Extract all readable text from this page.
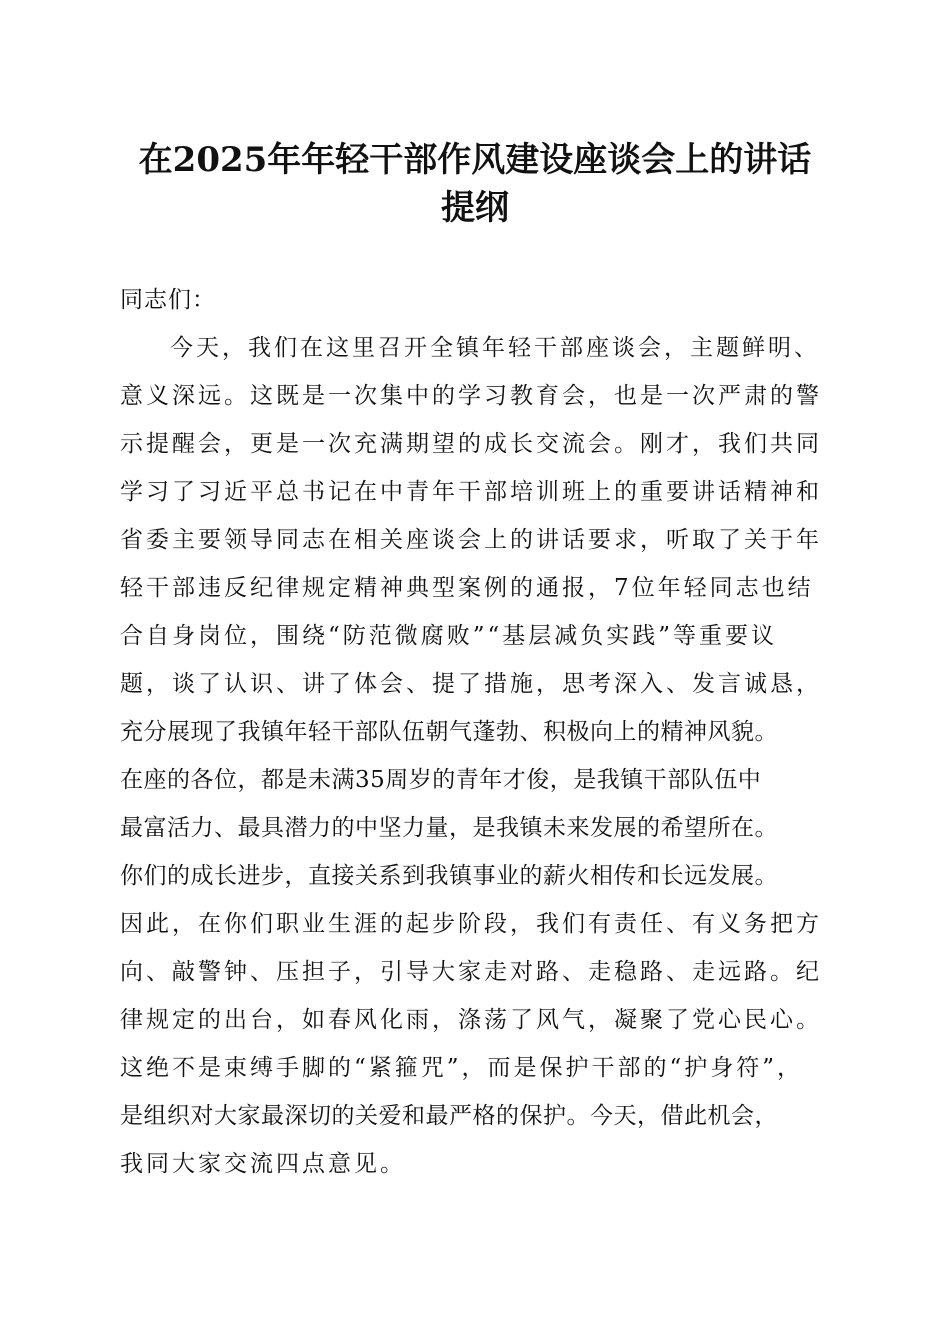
在2025年年轻干部作风建设座谈会上的讲话
提纲
同志们：
今天，我们在这里召开全镇年轻干部座谈会，主题鲜明、
意义深远。这既是一次集中的学习教育会，也是一次严肃的警
示提醒会，更是一次充满期望的成长交流会。刚才，我们共同
学习了习近平总书记在中青年干部培训班上的重要讲话精神和
省委主要领导同志在相关座谈会上的讲话要求，听取了关于年
轻干部违反纪律规定精神典型案例的通报，7位年轻同志也结
合自身岗位，围绕“防范微腐败”“基层减负实践”等重要议
题，谈了认识、讲了体会、提了措施，思考深入、发言诚恳，
充分展现了我镇年轻干部队伍朝气蓬勃、积极向上的精神风貌。
在座的各位，都是未满35周岁的青年才俊，是我镇干部队伍中
最富活力、最具潜力的中坚力量，是我镇未来发展的希望所在。
你们的成长进步，直接关系到我镇事业的薪火相传和长远发展。
因此，在你们职业生涯的起步阶段，我们有责任、有义务把方
向、敲警钟、压担子，引导大家走对路、走稳路、走远路。纪
律规定的出台，如春风化雨，涤荡了风气，凝聚了党心民心。
这绝不是束缚手脚的“紧箍咒”，而是保护干部的“护身符”，
是组织对大家最深切的关爱和最严格的保护。今天，借此机会，
我同大家交流四点意见。
